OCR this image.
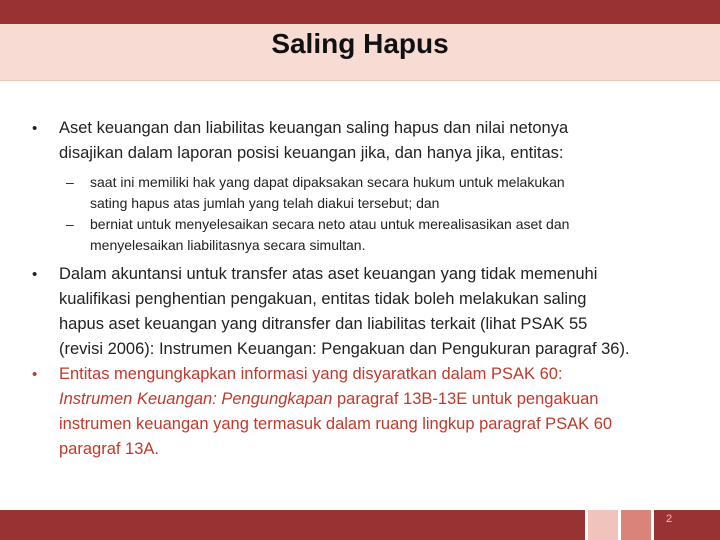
Saling Hapus
• Aset keuangan dan liabilitas keuangan saling hapus dan nilai netonya
disajikan dalam laporan posisi keuangan jika, dan hanya jika, entitas:
– saat ini memiliki hak yang dapat dipaksakan secara hukum untuk melakukan
sating hapus atas jumlah yang telah diakui tersebut; dan
– berniat untuk menyelesaikan secara neto atau untuk merealisasikan aset dan
menyelesaikan liabilitasnya secara simultan.
• Dalam akuntansi untuk transfer atas aset keuangan yang tidak memenuhi
kualifikasi penghentian pengakuan, entitas tidak boleh melakukan saling
hapus aset keuangan yang ditransfer dan liabilitas terkait (lihat PSAK 55
(revisi 2006): Instrumen Keuangan: Pengakuan dan Pengukuran paragraf 36).
• Entitas mengungkapkan informasi yang disyaratkan dalam PSAK 60:
Instrumen Keuangan: Pengungkapan paragraf 13B-13E untuk pengakuan
instrumen keuangan yang termasuk dalam ruang lingkup paragraf PSAK 60
paragraf 13A.
2
